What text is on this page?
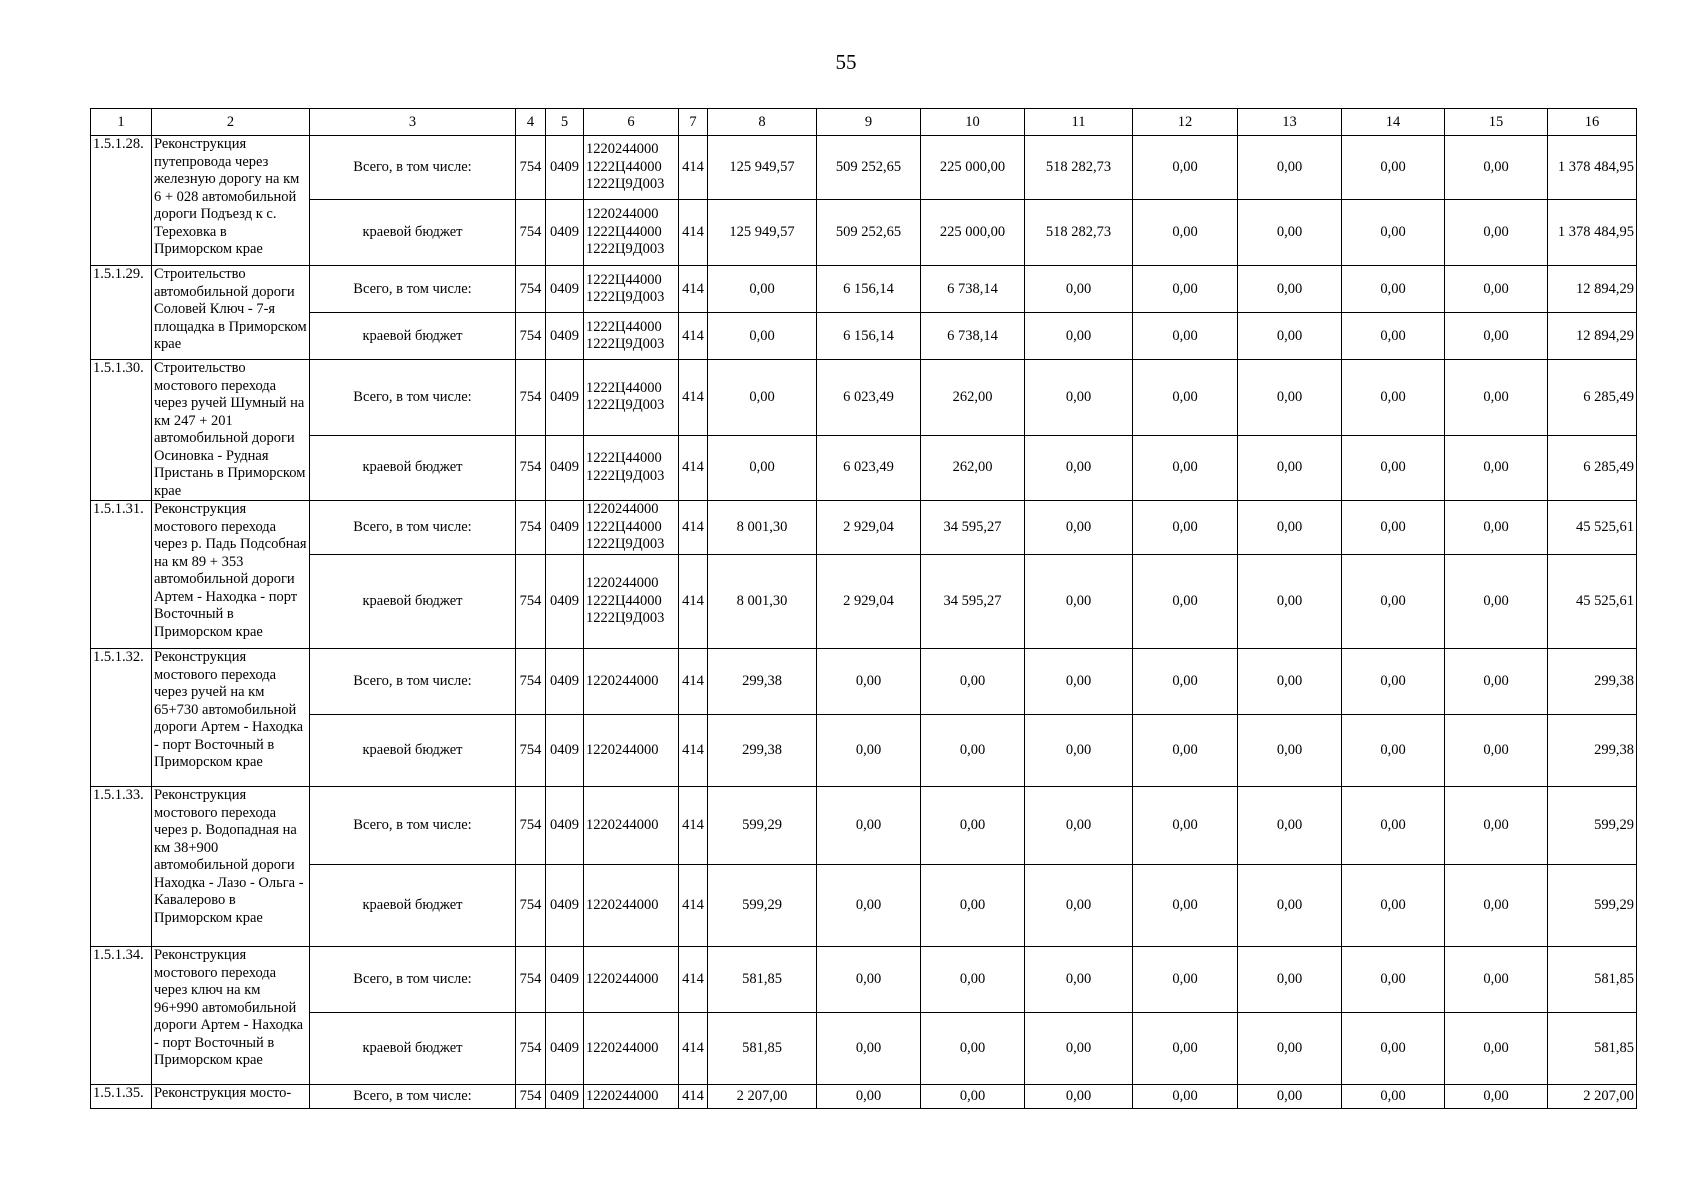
55
1	2	3	4	5	6	7	8	9	10	11	12	13	14	15	16
1.5.1.28.	Реконструкция путепровода через железную дорогу на км 6 + 028 автомобильной дороги Подъезд к с. Тереховка в Приморском крае	Всего, в том числе:	754	0409	1220244000
1222Ц44000
1222Ц9Д003	414	125 949,57	509 252,65	225 000,00	518 282,73	0,00	0,00	0,00	0,00	1 378 484,95
		краевой бюджет	754	0409	1220244000
1222Ц44000
1222Ц9Д003	414	125 949,57	509 252,65	225 000,00	518 282,73	0,00	0,00	0,00	0,00	1 378 484,95
1.5.1.29.	Строительство автомобильной дороги Соловей Ключ - 7-я площадка в Приморском крае	Всего, в том числе:	754	0409	1222Ц44000
1222Ц9Д003	414	0,00	6 156,14	6 738,14	0,00	0,00	0,00	0,00	0,00	12 894,29
		краевой бюджет	754	0409	1222Ц44000
1222Ц9Д003	414	0,00	6 156,14	6 738,14	0,00	0,00	0,00	0,00	0,00	12 894,29
1.5.1.30.	Строительство мостового перехода через ручей Шумный на км 247 + 201 автомобильной дороги Осиновка - Рудная Пристань в Приморском крае	Всего, в том числе:	754	0409	1222Ц44000
1222Ц9Д003	414	0,00	6 023,49	262,00	0,00	0,00	0,00	0,00	0,00	6 285,49
		краевой бюджет	754	0409	1222Ц44000
1222Ц9Д003	414	0,00	6 023,49	262,00	0,00	0,00	0,00	0,00	0,00	6 285,49
1.5.1.31.	Реконструкция мостового перехода через р. Падь Подсобная на км 89 + 353 автомобильной дороги Артем - Находка - порт Восточный в Приморском крае	Всего, в том числе:	754	0409	1220244000
1222Ц44000
1222Ц9Д003	414	8 001,30	2 929,04	34 595,27	0,00	0,00	0,00	0,00	0,00	45 525,61
		краевой бюджет	754	0409	1220244000
1222Ц44000
1222Ц9Д003	414	8 001,30	2 929,04	34 595,27	0,00	0,00	0,00	0,00	0,00	45 525,61
1.5.1.32.	Реконструкция мостового перехода через ручей на км 65+730 автомобильной дороги Артем - Находка - порт Восточный в Приморском крае	Всего, в том числе:	754	0409	1220244000	414	299,38	0,00	0,00	0,00	0,00	0,00	0,00	0,00	299,38
		краевой бюджет	754	0409	1220244000	414	299,38	0,00	0,00	0,00	0,00	0,00	0,00	0,00	299,38
1.5.1.33.	Реконструкция мостового перехода через р. Водопадная на км 38+900 автомобильной дороги Находка - Лазо - Ольга - Кавалерово в Приморском крае	Всего, в том числе:	754	0409	1220244000	414	599,29	0,00	0,00	0,00	0,00	0,00	0,00	0,00	599,29
		краевой бюджет	754	0409	1220244000	414	599,29	0,00	0,00	0,00	0,00	0,00	0,00	0,00	599,29
1.5.1.34.	Реконструкция мостового перехода через ключ на км 96+990 автомобильной дороги Артем - Находка - порт Восточный в Приморском крае	Всего, в том числе:	754	0409	1220244000	414	581,85	0,00	0,00	0,00	0,00	0,00	0,00	0,00	581,85
		краевой бюджет	754	0409	1220244000	414	581,85	0,00	0,00	0,00	0,00	0,00	0,00	0,00	581,85
1.5.1.35.	Реконструкция мосто-	Всего, в том числе:	754	0409	1220244000	414	2 207,00	0,00	0,00	0,00	0,00	0,00	0,00	0,00	2 207,00
